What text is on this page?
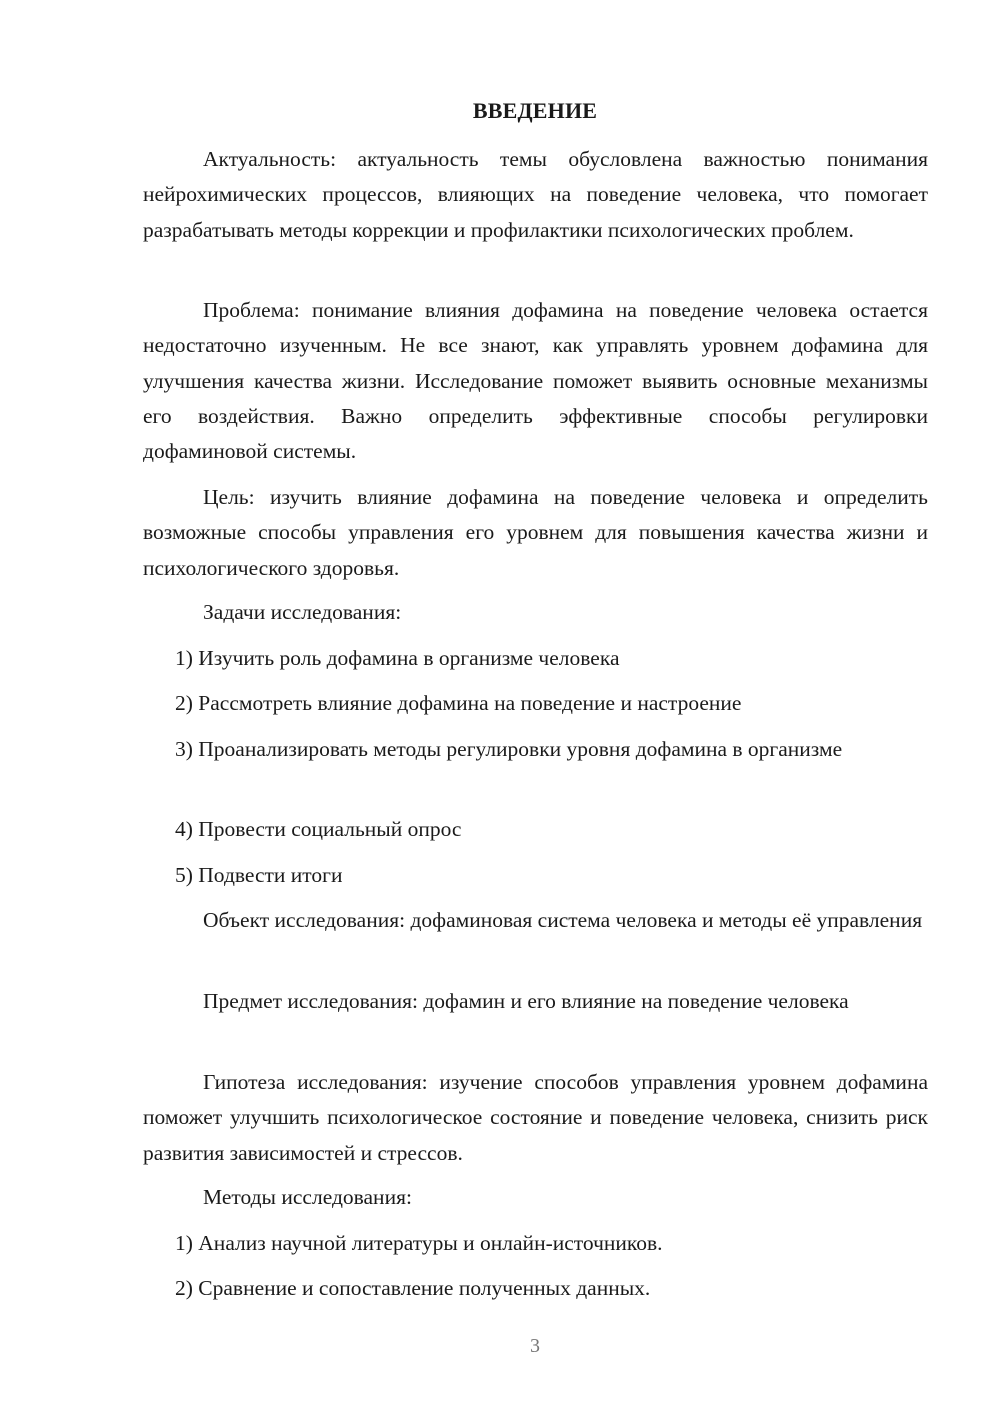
ВВЕДЕНИЕ

Актуальность: актуальность темы обусловлена важностью понимания нейрохимических процессов, влияющих на поведение человека, что помогает разрабатывать методы коррекции и профилактики психологических проблем.

Проблема: понимание влияния дофамина на поведение человека остается недостаточно изученным. Не все знают, как управлять уровнем дофамина для улучшения качества жизни. Исследование поможет выявить основные механизмы его воздействия. Важно определить эффективные способы регулировки дофаминовой системы.

Цель: изучить влияние дофамина на поведение человека и определить возможные способы управления его уровнем для повышения качества жизни и психологического здоровья.

Задачи исследования:

1) Изучить роль дофамина в организме человека

2) Рассмотреть влияние дофамина на поведение и настроение

3) Проанализировать методы регулировки уровня дофамина в организме

4) Провести социальный опрос

5) Подвести итоги

Объект исследования: дофаминовая система человека и методы её управления

Предмет исследования: дофамин и его влияние на поведение человека

Гипотеза исследования: изучение способов управления уровнем дофамина поможет улучшить психологическое состояние и поведение человека, снизить риск развития зависимостей и стрессов.

Методы исследования:

1) Анализ научной литературы и онлайн-источников.

2) Сравнение и сопоставление полученных данных.

3
